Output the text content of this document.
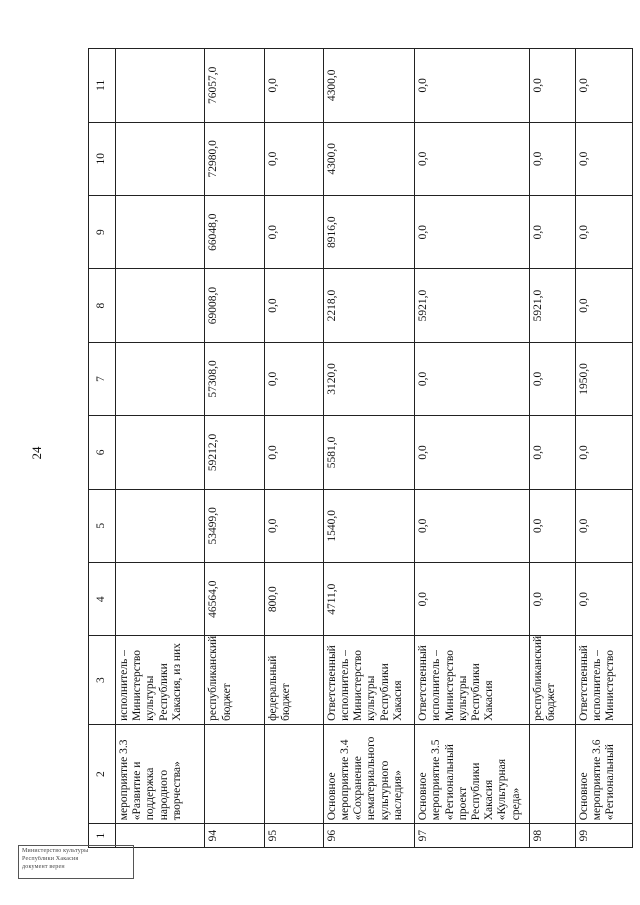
24
1	2	3	4	5	6	7	8	9	10	11
	мероприятие 3.3 «Развитие и поддержка народного творчества»	исполнитель – Министерство культуры Республики Хакасия, из них								
94		республиканский бюджет	46564,0	53499,0	59212,0	57308,0	69008,0	66048,0	72980,0	76057,0
95		федеральный бюджет	800,0	0,0	0,0	0,0	0,0	0,0	0,0	0,0
96	Основное мероприятие 3.4 «Сохранение нематериального культурного наследия»	Ответственный исполнитель – Министерство культуры Республики Хакасия	4711,0	1540,0	5581,0	3120,0	2218,0	8916,0	4300,0	4300,0
97	Основное мероприятие 3.5 «Региональный проект Республики Хакасия «Культурная среда»	Ответственный исполнитель – Министерство культуры Республики Хакасия	0,0	0,0	0,0	0,0	5921,0	0,0	0,0	0,0
98		республиканский бюджет	0,0	0,0	0,0	0,0	5921,0	0,0	0,0	0,0
99	Основное мероприятие 3.6 «Региональный	Ответственный исполнитель – Министерство	0,0	0,0	0,0	1950,0	0,0	0,0	0,0	0,0
Министерство культуры
Республики Хакасия
документ верен
